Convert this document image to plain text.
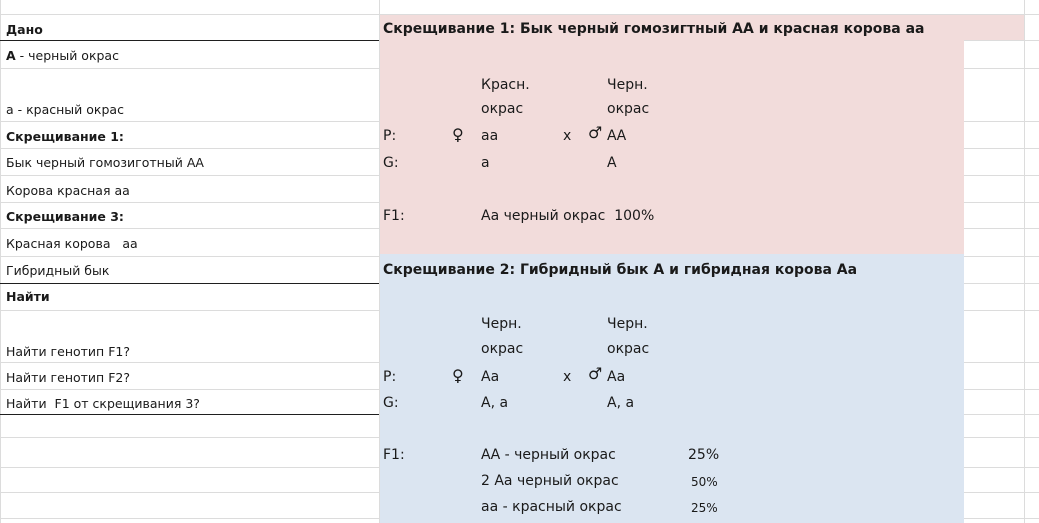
Дано
А - черный окрас
а - красный окрас
Скрещивание 1:
Бык черный гомозиготный АА
Корова красная аа
Скрещивание 3:
Красная корова   аа
Гибридный бык
Найти
Найти генотип F1?
Найти генотип F2?
Найти  F1 от скрещивания 3?
Скрещивание 1: Бык черный гомозигтный АА и красная корова аа
Красн.	Черн.
окрас	окрас
P:	♀ аа	х ♂ АА
G:	а	А
F1:	Аа черный окрас  100%
Скрещивание 2: Гибридный бык А и гибридная корова Аа
Черн.	Черн.
окрас	окрас
P:	♀ Аа	х ♂ Аа
G:	А, а	А, а
F1:	АА - черный окрас	25%
2 Аа черный окрас	50%
аа - красный окрас	25%
